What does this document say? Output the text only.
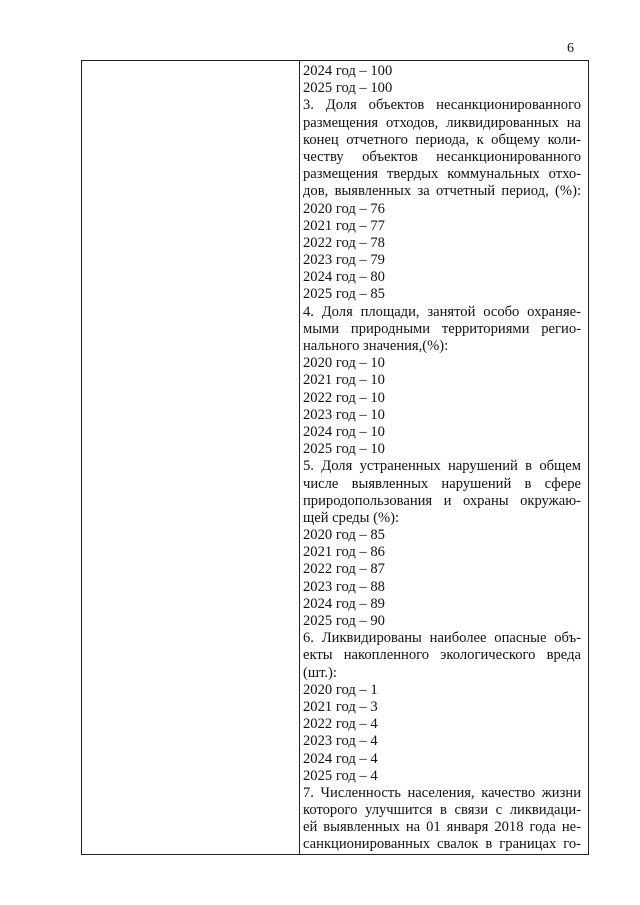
6
2024 год – 100
2025 год – 100
3. Доля объектов несанкционированного
размещения отходов, ликвидированных на
конец отчетного периода, к общему коли-
честву объектов несанкционированного
размещения твердых коммунальных отхо-
дов, выявленных за отчетный период, (%):
2020 год – 76
2021 год – 77
2022 год – 78
2023 год – 79
2024 год – 80
2025 год – 85
4. Доля площади, занятой особо охраняе-
мыми природными территориями регио-
нального значения,(%):
2020 год – 10
2021 год – 10
2022 год – 10
2023 год – 10
2024 год – 10
2025 год – 10
5. Доля устраненных нарушений в общем
числе выявленных нарушений в сфере
природопользования и охраны окружаю-
щей среды (%):
2020 год – 85
2021 год – 86
2022 год – 87
2023 год – 88
2024 год – 89
2025 год – 90
6. Ликвидированы наиболее опасные объ-
екты накопленного экологического вреда
(шт.):
2020 год – 1
2021 год – 3
2022 год – 4
2023 год – 4
2024 год – 4
2025 год – 4
7. Численность населения, качество жизни
которого улучшится в связи с ликвидаци-
ей выявленных на 01 января 2018 года не-
санкционированных свалок в границах го-
